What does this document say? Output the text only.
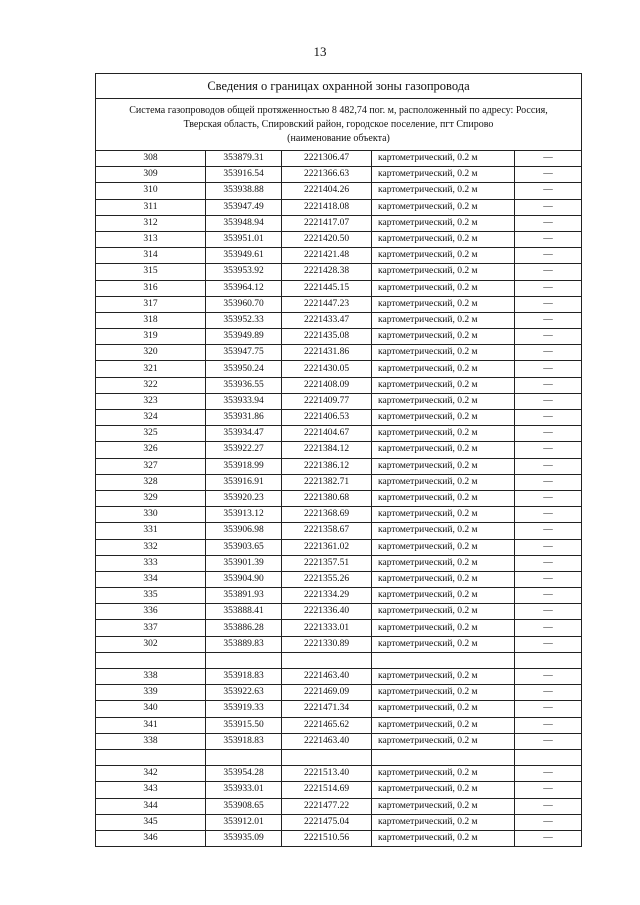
13
Сведения о границах охранной зоны газопровода				

Система газопроводов общей протяженностью 8 482,74 пог. м, расположенный по адресу: Россия,
Тверская область, Спировский район, городское поселение, пгт Спирово
(наименование объекта)				

308	353879.31	2221306.47	картометрический, 0.2 м	—
309	353916.54	2221366.63	картометрический, 0.2 м	—
310	353938.88	2221404.26	картометрический, 0.2 м	—
311	353947.49	2221418.08	картометрический, 0.2 м	—
312	353948.94	2221417.07	картометрический, 0.2 м	—
313	353951.01	2221420.50	картометрический, 0.2 м	—
314	353949.61	2221421.48	картометрический, 0.2 м	—
315	353953.92	2221428.38	картометрический, 0.2 м	—
316	353964.12	2221445.15	картометрический, 0.2 м	—
317	353960.70	2221447.23	картометрический, 0.2 м	—
318	353952.33	2221433.47	картометрический, 0.2 м	—
319	353949.89	2221435.08	картометрический, 0.2 м	—
320	353947.75	2221431.86	картометрический, 0.2 м	—
321	353950.24	2221430.05	картометрический, 0.2 м	—
322	353936.55	2221408.09	картометрический, 0.2 м	—
323	353933.94	2221409.77	картометрический, 0.2 м	—
324	353931.86	2221406.53	картометрический, 0.2 м	—
325	353934.47	2221404.67	картометрический, 0.2 м	—
326	353922.27	2221384.12	картометрический, 0.2 м	—
327	353918.99	2221386.12	картометрический, 0.2 м	—
328	353916.91	2221382.71	картометрический, 0.2 м	—
329	353920.23	2221380.68	картометрический, 0.2 м	—
330	353913.12	2221368.69	картометрический, 0.2 м	—
331	353906.98	2221358.67	картометрический, 0.2 м	—
332	353903.65	2221361.02	картометрический, 0.2 м	—
333	353901.39	2221357.51	картометрический, 0.2 м	—
334	353904.90	2221355.26	картометрический, 0.2 м	—
335	353891.93	2221334.29	картометрический, 0.2 м	—
336	353888.41	2221336.40	картометрический, 0.2 м	—
337	353886.28	2221333.01	картометрический, 0.2 м	—
302	353889.83	2221330.89	картометрический, 0.2 м	—

338	353918.83	2221463.40	картометрический, 0.2 м	—
339	353922.63	2221469.09	картометрический, 0.2 м	—
340	353919.33	2221471.34	картометрический, 0.2 м	—
341	353915.50	2221465.62	картометрический, 0.2 м	—
338	353918.83	2221463.40	картометрический, 0.2 м	—

342	353954.28	2221513.40	картометрический, 0.2 м	—
343	353933.01	2221514.69	картометрический, 0.2 м	—
344	353908.65	2221477.22	картометрический, 0.2 м	—
345	353912.01	2221475.04	картометрический, 0.2 м	—
346	353935.09	2221510.56	картометрический, 0.2 м	—
